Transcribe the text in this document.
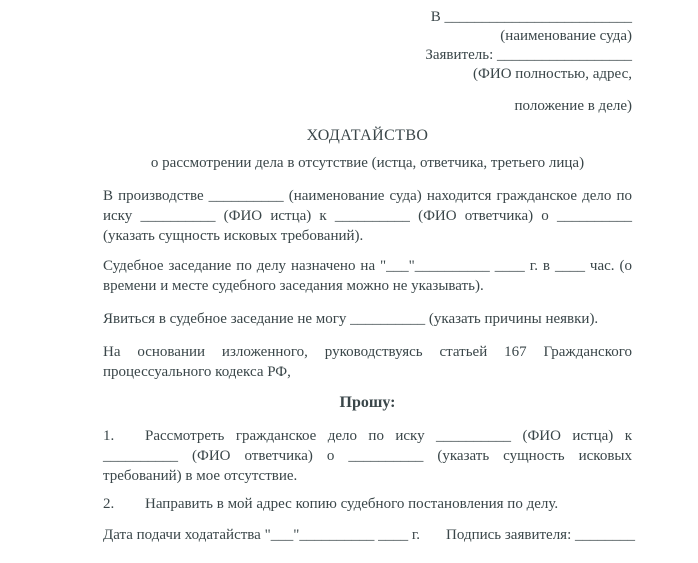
В _________________________
(наименование суда)
Заявитель: __________________
(ФИО полностью, адрес,
положение в деле)
ХОДАТАЙСТВО
о рассмотрении дела в отсутствие (истца, ответчика, третьего лица)
В производстве __________ (наименование суда) находится гражданское дело по иску __________ (ФИО истца) к __________ (ФИО ответчика) о __________ (указать сущность исковых требований).
Судебное заседание по делу назначено на "___"__________ ____ г. в ____ час. (о времени и месте судебного заседания можно не указывать).
Явиться в судебное заседание не могу __________ (указать причины неявки).
На основании изложенного, руководствуясь статьей 167 Гражданского процессуального кодекса РФ,
Прошу:
1. Рассмотреть гражданское дело по иску __________ (ФИО истца) к __________ (ФИО ответчика) о __________ (указать сущность исковых требований) в мое отсутствие.
2. Направить в мой адрес копию судебного постановления по делу.
Дата подачи ходатайства "___"__________ ____ г. Подпись заявителя: ________
